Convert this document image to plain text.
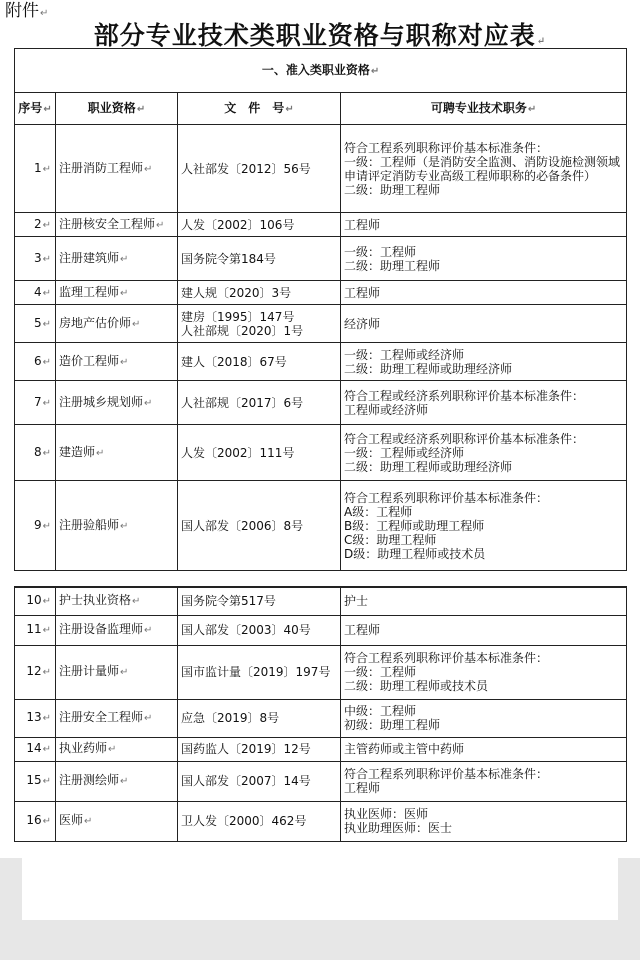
附件↵
部分专业技术类职业资格与职称对应表↵
一、准入类职业资格↵			
序号↵	职业资格↵	文　件　号↵	可聘专业技术职务↵
1↵	注册消防工程师↵	人社部发〔2012〕56号	符合工程系列职称评价基本标准条件：
一级：工程师（是消防安全监测、消防设施检测领域申请评定消防专业高级工程师职称的必备条件）
二级：助理工程师

2↵	注册核安全工程师↵	人发〔2002〕106号	工程师

3↵	注册建筑师↵	国务院令第184号	一级：工程师
二级：助理工程师

4↵	监理工程师↵	建人规〔2020〕3号	工程师

5↵	房地产估价师↵	建房〔1995〕147号
人社部规〔2020〕1号	经济师

6↵	造价工程师↵	建人〔2018〕67号	一级：工程师或经济师
二级：助理工程师或助理经济师

7↵	注册城乡规划师↵	人社部规〔2017〕6号	符合工程或经济系列职称评价基本标准条件：
工程师或经济师

8↵	建造师↵	人发〔2002〕111号	符合工程或经济系列职称评价基本标准条件：
一级：工程师或经济师
二级：助理工程师或助理经济师

9↵	注册验船师↵	国人部发〔2006〕8号	符合工程系列职称评价基本标准条件：
A级：工程师
B级：工程师或助理工程师
C级：助理工程师
D级：助理工程师或技术员
10↵	护士执业资格↵	国务院令第517号	护士

11↵	注册设备监理师↵	国人部发〔2003〕40号	工程师

12↵	注册计量师↵	国市监计量〔2019〕197号	符合工程系列职称评价基本标准条件：
一级：工程师
二级：助理工程师或技术员

13↵	注册安全工程师↵	应急〔2019〕8号	中级：工程师
初级：助理工程师

14↵	执业药师↵	国药监人〔2019〕12号	主管药师或主管中药师

15↵	注册测绘师↵	国人部发〔2007〕14号	符合工程系列职称评价基本标准条件：
工程师

16↵	医师↵	卫人发〔2000〕462号	执业医师：医师
执业助理医师：医士
